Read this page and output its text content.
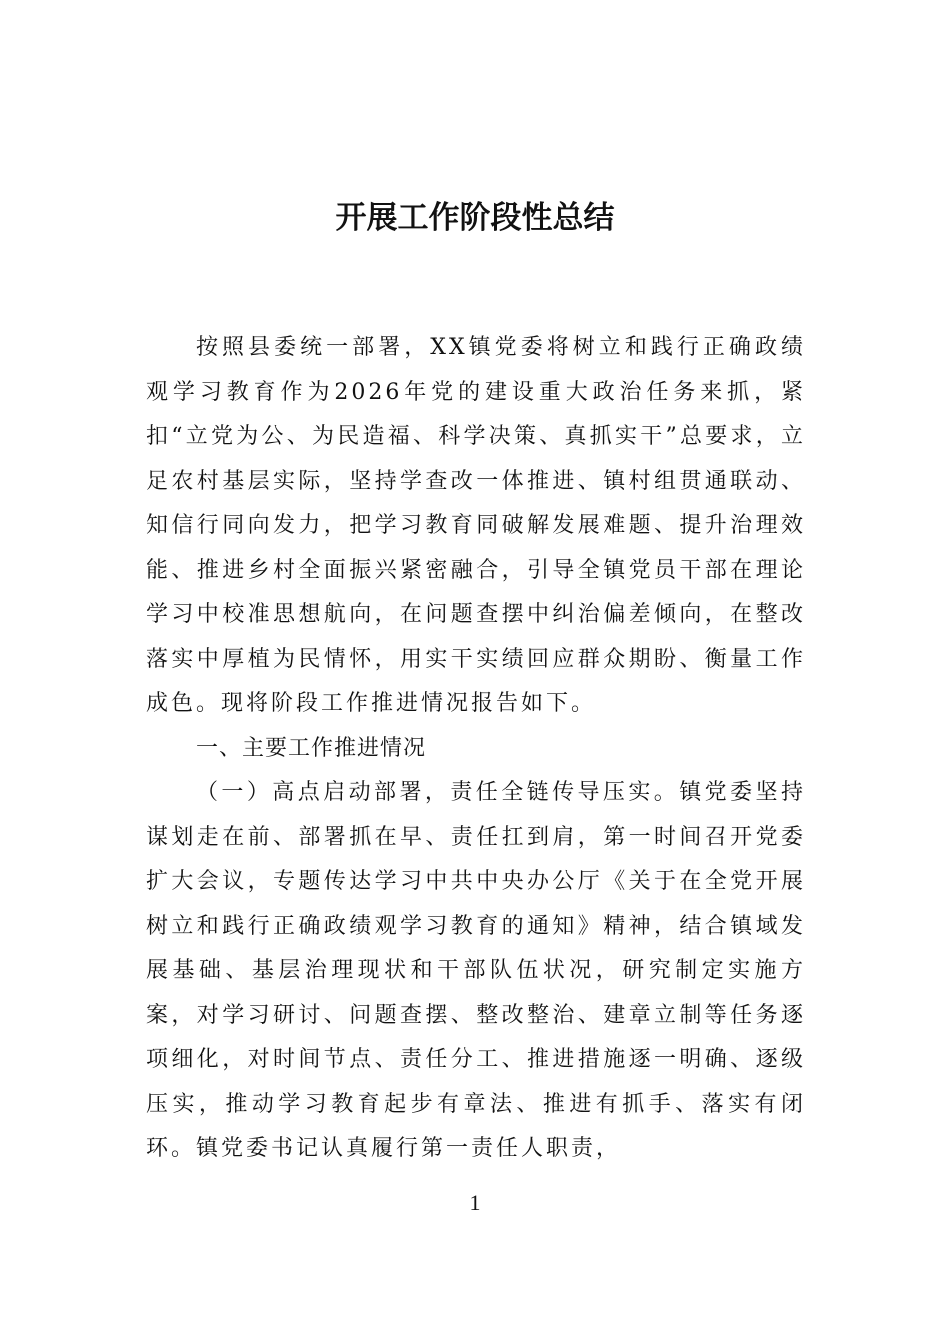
开展工作阶段性总结

按照县委统一部署，XX镇党委将树立和践行正确政绩观学习教育作为2026年党的建设重大政治任务来抓，紧扣“立党为公、为民造福、科学决策、真抓实干”总要求，立足农村基层实际，坚持学查改一体推进、镇村组贯通联动、知信行同向发力，把学习教育同破解发展难题、提升治理效能、推进乡村全面振兴紧密融合，引导全镇党员干部在理论学习中校准思想航向，在问题查摆中纠治偏差倾向，在整改落实中厚植为民情怀，用实干实绩回应群众期盼、衡量工作成色。现将阶段工作推进情况报告如下。

一、主要工作推进情况

（一）高点启动部署，责任全链传导压实。镇党委坚持谋划走在前、部署抓在早、责任扛到肩，第一时间召开党委扩大会议，专题传达学习中共中央办公厅《关于在全党开展树立和践行正确政绩观学习教育的通知》精神，结合镇域发展基础、基层治理现状和干部队伍状况，研究制定实施方案，对学习研讨、问题查摆、整改整治、建章立制等任务逐项细化，对时间节点、责任分工、推进措施逐一明确、逐级压实，推动学习教育起步有章法、推进有抓手、落实有闭环。镇党委书记认真履行第一责任人职责，

1
